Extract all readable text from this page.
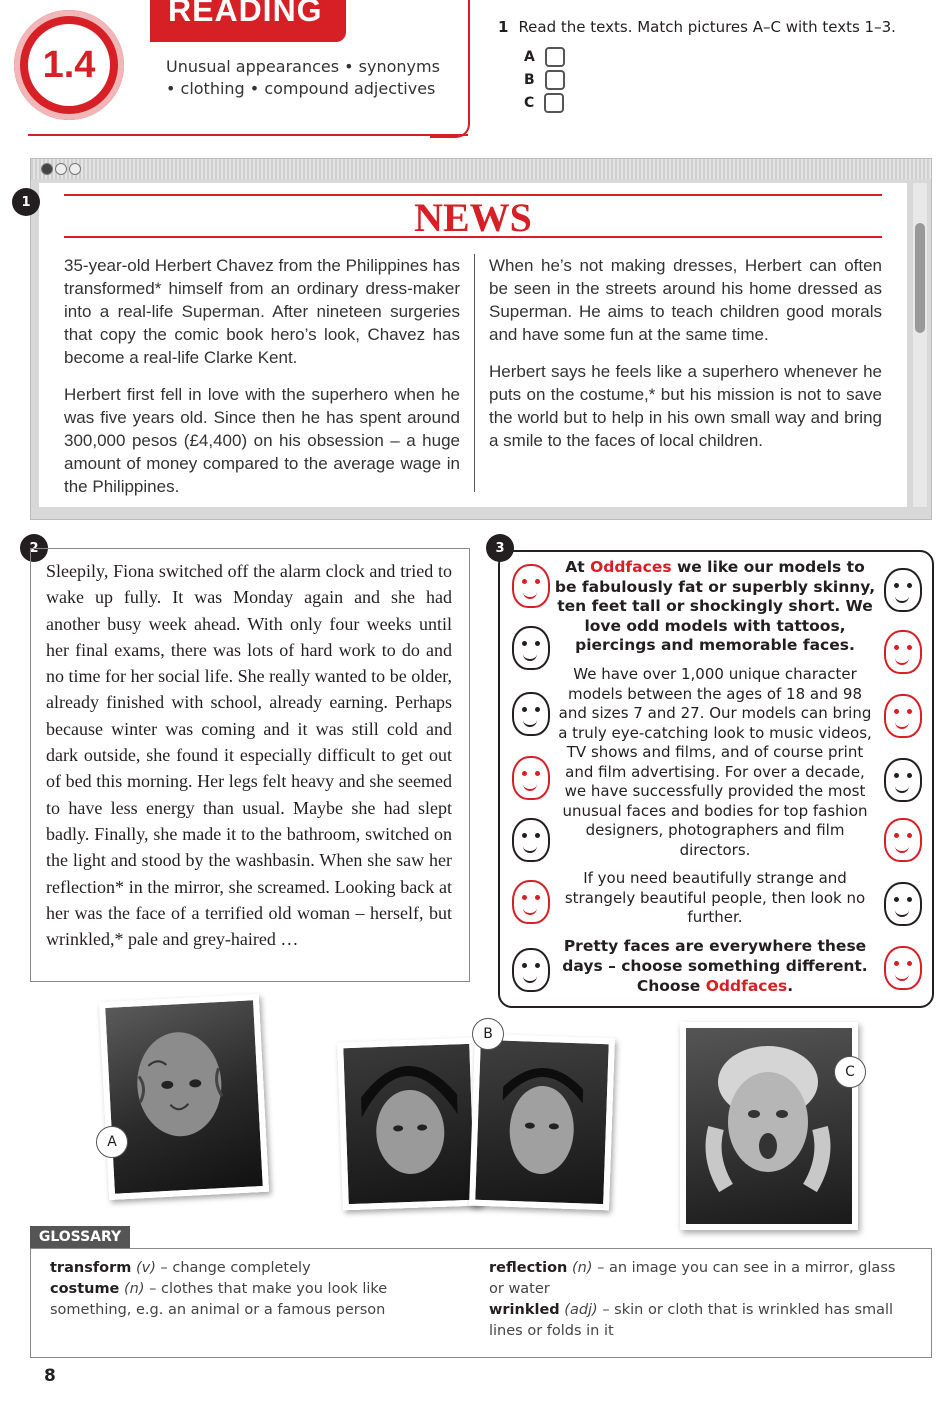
READING
1.4	Unusual appearances • synonyms
• clothing • compound adjectives
1 Read the texts. Match pictures A–C with texts 1–3.
A
B
C
1	NEWS

35-year-old Herbert Chavez from the Philippines has transformed* himself from an ordinary dress-maker into a real-life Superman. After nineteen surgeries that copy the comic book hero’s look, Chavez has become a real-life Clarke Kent.

Herbert first fell in love with the superhero when he was five years old. Since then he has spent around 300,000 pesos (£4,400) on his obsession – a huge amount of money compared to the average wage in the Philippines.

When he’s not making dresses, Herbert can often be seen in the streets around his home dressed as Superman. He aims to teach children good morals and have some fun at the same time.

Herbert says he feels like a superhero whenever he puts on the costume,* but his mission is not to save the world but to help in his own small way and bring a smile to the faces of local children.

2
Sleepily, Fiona switched off the alarm clock and tried to wake up fully. It was Monday again and she had another busy week ahead. With only four weeks until her final exams, there was lots of hard work to do and no time for her social life. She really wanted to be older, already finished with school, already earning. Perhaps because winter was coming and it was still cold and dark outside, she found it especially difficult to get out of bed this morning. Her legs felt heavy and she seemed to have less energy than usual. Maybe she had slept badly. Finally, she made it to the bathroom, switched on the light and stood by the washbasin. When she saw her reflection* in the mirror, she screamed. Looking back at her was the face of a terrified old woman – herself, but wrinkled,* pale and grey-haired …
3
At Oddfaces we like our models to be fabulously fat or superbly skinny, ten feet tall or shockingly short. We love odd models with tattoos, piercings and memorable faces.
We have over 1,000 unique character models between the ages of 18 and 98 and sizes 7 and 27. Our models can bring a truly eye-catching look to music videos, TV shows and films, and of course print and film advertising. For over a decade, we have successfully provided the most unusual faces and bodies for top fashion designers, photographers and film directors.
If you need beautifully strange and strangely beautiful people, then look no further.
Pretty faces are everywhere these days – choose something different.
Choose Oddfaces.
A
B
C
GLOSSARY
transform (v) – change completely
costume (n) – clothes that make you look like something, e.g. an animal or a famous person
reflection (n) – an image you can see in a mirror, glass or water
wrinkled (adj) – skin or cloth that is wrinkled has small lines or folds in it
8
